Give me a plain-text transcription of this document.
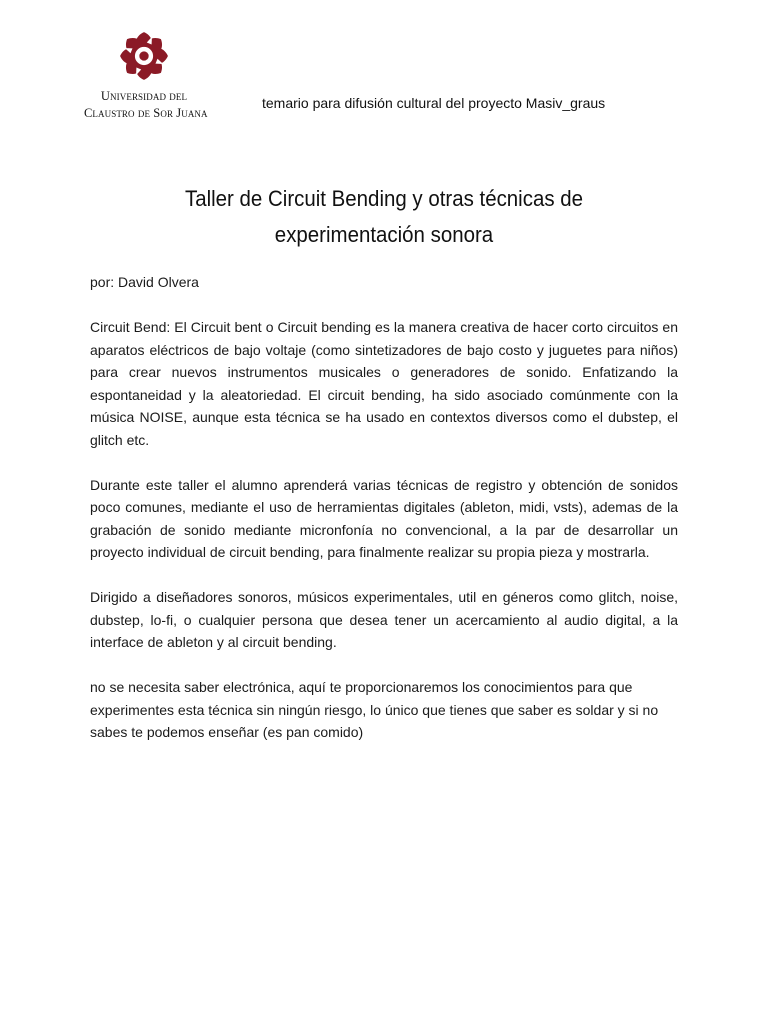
Universidad del
Claustro de Sor Juana
temario para difusión cultural del proyecto Masiv_graus
Taller de Circuit Bending y otras técnicas de
experimentación sonora

por: David Olvera

Circuit Bend: El Circuit bent o Circuit bending es la manera creativa de hacer corto circuitos en aparatos eléctricos de bajo voltaje (como sintetizadores de bajo costo y juguetes para niños) para crear nuevos instrumentos musicales o generadores de sonido. Enfatizando la espontaneidad y la aleatoriedad. El circuit bending, ha sido asociado comúnmente con la música NOISE, aunque esta técnica se ha usado en contextos diversos como el dubstep, el glitch etc.

Durante este taller el alumno aprenderá varias técnicas de registro y obtención de sonidos poco comunes, mediante el uso de herramientas digitales (ableton, midi, vsts), ademas de la grabación de sonido mediante micronfonía no convencional, a la par de desarrollar un proyecto individual de circuit bending, para finalmente realizar su propia pieza y mostrarla.

Dirigido a diseñadores sonoros, músicos experimentales, util en géneros como glitch, noise, dubstep, lo-fi, o cualquier persona que desea tener un acercamiento al audio digital, a la interface de ableton y al circuit bending.

no se necesita saber electrónica, aquí te proporcionaremos los conocimientos para que experimentes esta técnica sin ningún riesgo, lo único que tienes que saber es soldar y si no sabes te podemos enseñar (es pan comido)
